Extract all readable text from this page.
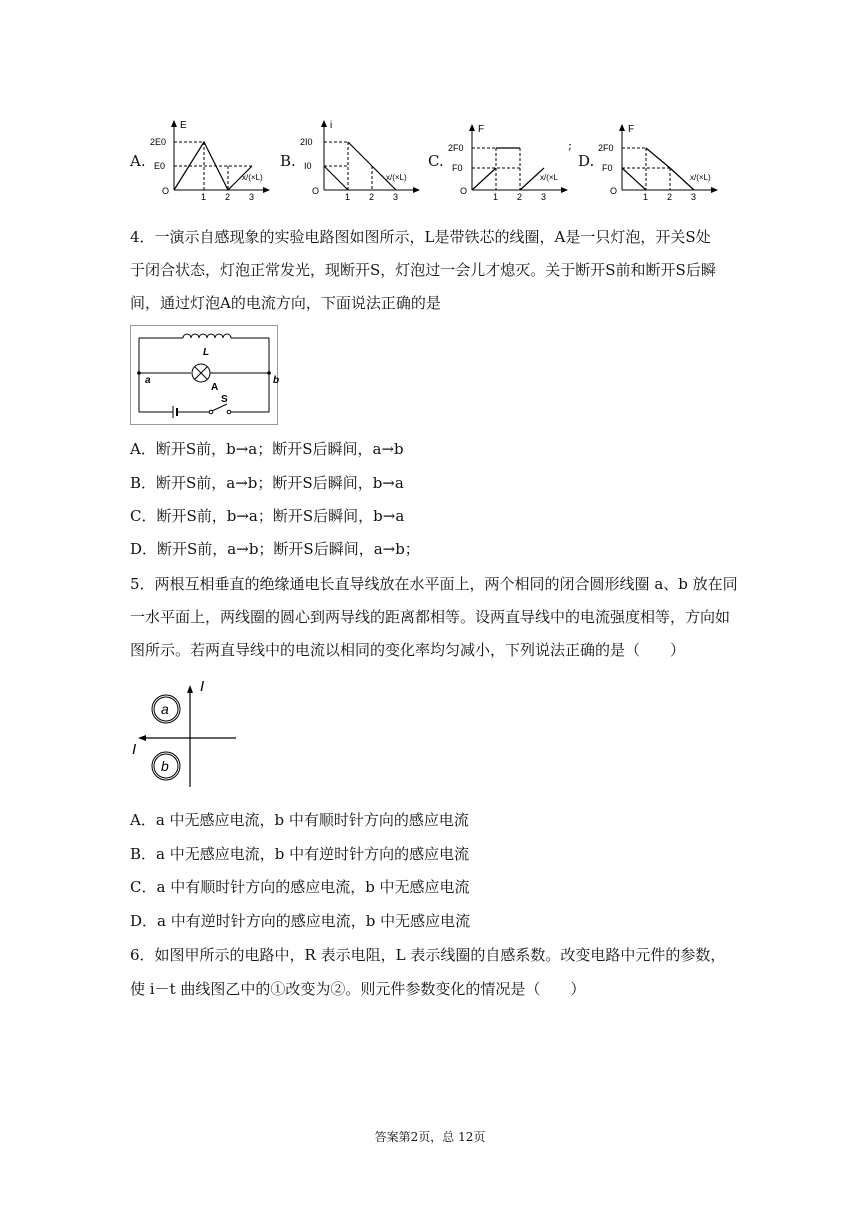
A.
E
2E0
E0
O
1 2 3
x/(×L)
B.
i
2I0
I0
O
1 2 3
x/(×L)
C.
F
2F0
F0
O
1 2 3
x/(×L
;
D.
F
2F0
F0
O
1 2 3
x/(×L)
4．一演示自感现象的实验电路图如图所示，L是带铁芯的线圈，A是一只灯泡，开关S处
于闭合状态，灯泡正常发光，现断开S，灯泡过一会儿才熄灭。关于断开S前和断开S后瞬
间，通过灯泡A的电流方向，下面说法正确的是
L
A
a	b
S
A．断开S前，b→a；断开S后瞬间，a→b
B．断开S前，a→b；断开S后瞬间，b→a
C．断开S前，b→a；断开S后瞬间，b→a
D．断开S前，a→b；断开S后瞬间，a→b；
5．两根互相垂直的绝缘通电长直导线放在水平面上，两个相同的闭合圆形线圈 a、b 放在同
一水平面上，两线圈的圆心到两导线的距离都相等。设两直导线中的电流强度相等，方向如
图所示。若两直导线中的电流以相同的变化率均匀减小，下列说法正确的是（　　）
I
I
a
b
A．a 中无感应电流，b 中有顺时针方向的感应电流
B．a 中无感应电流，b 中有逆时针方向的感应电流
C．a 中有顺时针方向的感应电流，b 中无感应电流
D．a 中有逆时针方向的感应电流，b 中无感应电流
6．如图甲所示的电路中，R 表示电阻，L 表示线圈的自感系数。改变电路中元件的参数，
使 i－t 曲线图乙中的①改变为②。则元件参数变化的情况是（　　）
答案第2页，总 12页
